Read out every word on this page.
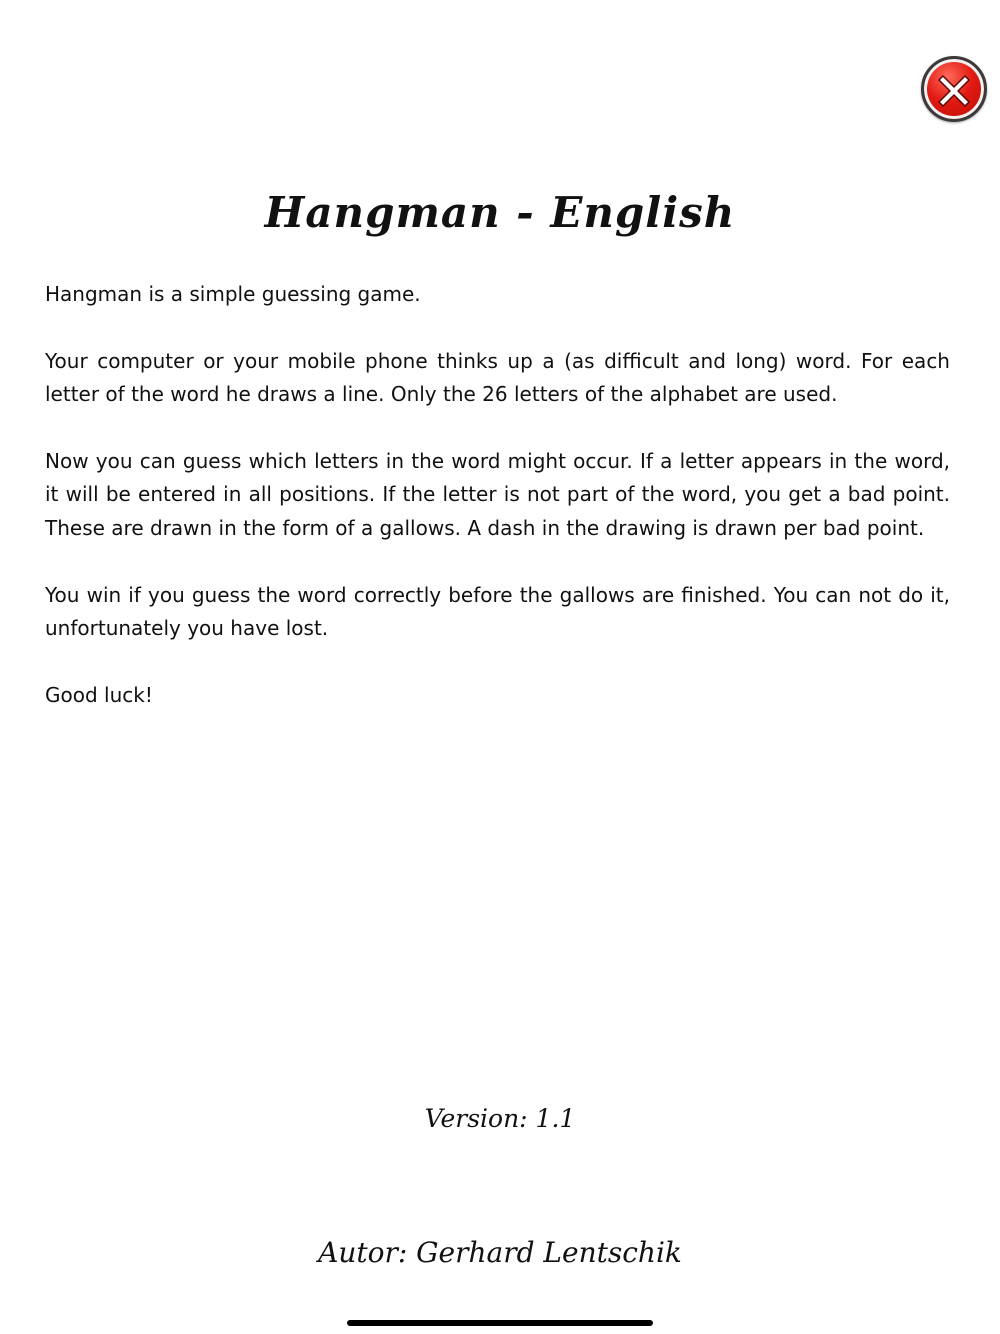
Hangman - English

Hangman is a simple guessing game.

Your computer or your mobile phone thinks up a (as difficult and long) word. For each letter of the word he draws a line. Only the 26 letters of the alphabet are used.

Now you can guess which letters in the word might occur. If a letter appears in the word, it will be entered in all positions. If the letter is not part of the word, you get a bad point. These are drawn in the form of a gallows. A dash in the drawing is drawn per bad point.

You win if you guess the word correctly before the gallows are finished. You can not do it, unfortunately you have lost.

Good luck!

Version: 1.1
Autor: Gerhard Lentschik
